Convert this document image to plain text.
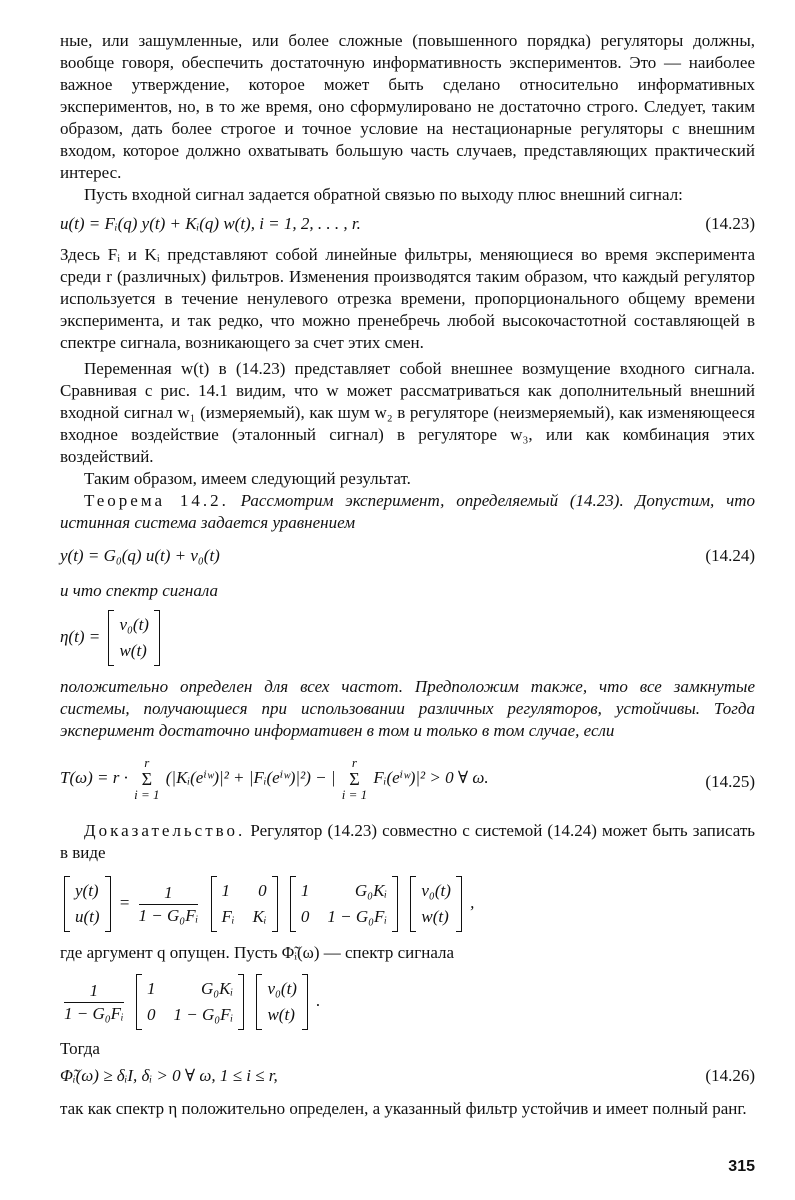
ные, или зашумленные, или более сложные (повышенного порядка) регуляторы должны, вообще говоря, обеспечить достаточную информативность экспериментов. Это — наиболее важное утверждение, которое может быть сделано относительно информативных экспериментов, но, в то же время, оно сформулировано не достаточно строго. Следует, таким образом, дать более строгое и точное условие на нестационарные регуляторы с внешним входом, которое должно охватывать большую часть случаев, представляющих практический интерес.

Пусть входной сигнал задается обратной связью по выходу плюс внешний сигнал:

u(t) = Fᵢ(q) y(t) + Kᵢ(q) w(t), i = 1, 2, . . . , r.	(14.23)

Здесь Fᵢ и Kᵢ представляют собой линейные фильтры, меняющиеся во время эксперимента среди r (различных) фильтров. Изменения производятся таким образом, что каждый регулятор используется в течение ненулевого отрезка времени, пропорционального общему времени эксперимента, и так редко, что можно пренебречь любой высокочастотной составляющей в спектре сигнала, возникающего за счет этих смен.

Переменная w(t) в (14.23) представляет собой внешнее возмущение входного сигнала. Сравнивая с рис. 14.1 видим, что w может рассматриваться как дополнительный внешний входной сигнал w₁ (измеряемый), как шум w₂ в регуляторе (неизмеряемый), как изменяющееся входное воздействие (эталонный сигнал) в регуляторе w₃, или как комбинация этих воздействий.

Таким образом, имеем следующий результат.

Теорема 14.2. Рассмотрим эксперимент, определяемый (14.23). Допустим, что истинная система задается уравнением

y(t) = G₀(q) u(t) + v₀(t)	(14.24)

и что спектр сигнала

η(t) =
v₀(t)
w(t)

положительно определен для всех частот. Предположим также, что все замкнутые системы, получающиеся при использовании различных регуляторов, устойчивы. Тогда эксперимент достаточно информативен в том и только в том случае, если

T(ω) = r · r
Σ
i = 1 (|Kᵢ(eⁱʷ)|² + |Fᵢ(eⁱʷ)|²) − | r
Σ
i = 1 Fᵢ(eⁱʷ)|² > 0 ∀ ω.	(14.25)

Доказательство. Регулятор (14.23) совместно с системой (14.24) может быть записать в виде

y(t)
u(t)
= $\frac{1}{\text{1 − G₀Fᵢ}}$
1 0
Fᵢ Kᵢ

1	G₀Kᵢ
0 1 − G₀Fᵢ

v₀(t)
w(t)
,

где аргумент q опущен. Пусть Φ̃ᵢ(ω) — спектр сигнала

$\frac{1}{\text{1 − G₀Fᵢ}}$
1	G₀Kᵢ
0 1 − G₀Fᵢ

v₀(t)
w(t)
.

Тогда

Φ̃ᵢ(ω) ≥ δᵢI, δᵢ > 0 ∀ ω, 1 ≤ i ≤ r,	(14.26)

так как спектр η положительно определен, а указанный фильтр устойчив и имеет полный ранг.

315
